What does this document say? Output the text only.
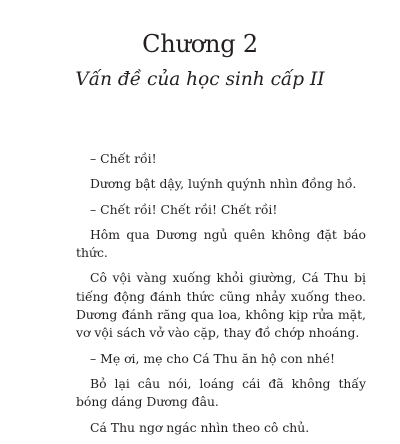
Chương 2
Vấn đề của học sinh cấp II

– Chết rồi!

Dương bật dậy, luýnh quýnh nhìn đồng hồ.

– Chết rồi! Chết rồi! Chết rồi!

Hôm qua Dương ngủ quên không đặt báo thức.

Cô vội vàng xuống khỏi giường, Cá Thu bị tiếng động đánh thức cũng nhảy xuống theo. Dương đánh răng qua loa, không kịp rửa mặt, vơ vội sách vở vào cặp, thay đồ chớp nhoáng.

– Mẹ ơi, mẹ cho Cá Thu ăn hộ con nhé!

Bỏ lại câu nói, loáng cái đã không thấy bóng dáng Dương đâu.

Cá Thu ngơ ngác nhìn theo cô chủ.
